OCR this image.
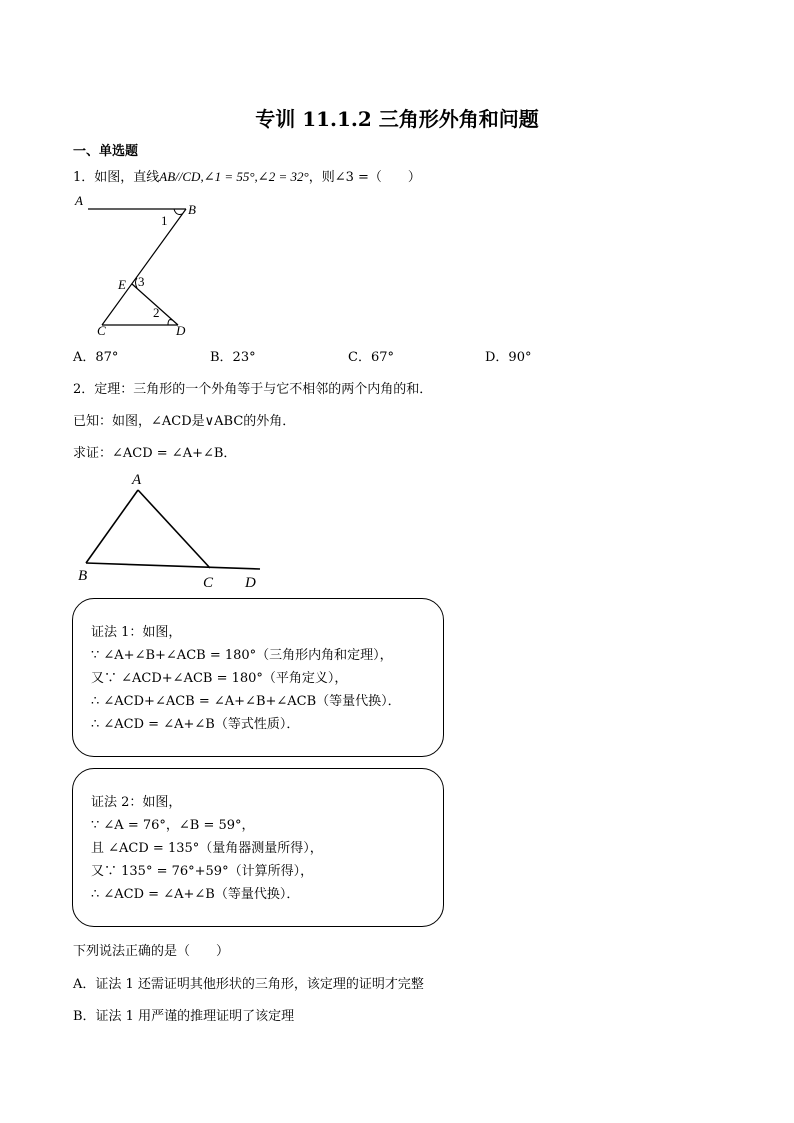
专训 11.1.2 三角形外角和问题
一、单选题
1．如图，直线AB//CD,∠1 = 55°,∠2 = 32°，则∠3 =（　　）
A
B
1
E 3
2
C	D
A．87°	B．23°	C．67°	D．90°
2．定理：三角形的一个外角等于与它不相邻的两个内角的和．
已知：如图，∠ACD是∨ABC的外角．
求证：∠ACD = ∠A+∠B．
A
B	C D
证法 1：如图，
∵ ∠A+∠B+∠ACB = 180°（三角形内角和定理），
又∵ ∠ACD+∠ACB = 180°（平角定义），
∴ ∠ACD+∠ACB = ∠A+∠B+∠ACB（等量代换）．
∴ ∠ACD = ∠A+∠B（等式性质）．
证法 2：如图，
∵ ∠A = 76°，∠B = 59°，
且 ∠ACD = 135°（量角器测量所得），
又∵ 135° = 76°+59°（计算所得），
∴ ∠ACD = ∠A+∠B（等量代换）．
下列说法正确的是（　　）
A．证法 1 还需证明其他形状的三角形，该定理的证明才完整
B．证法 1 用严谨的推理证明了该定理
